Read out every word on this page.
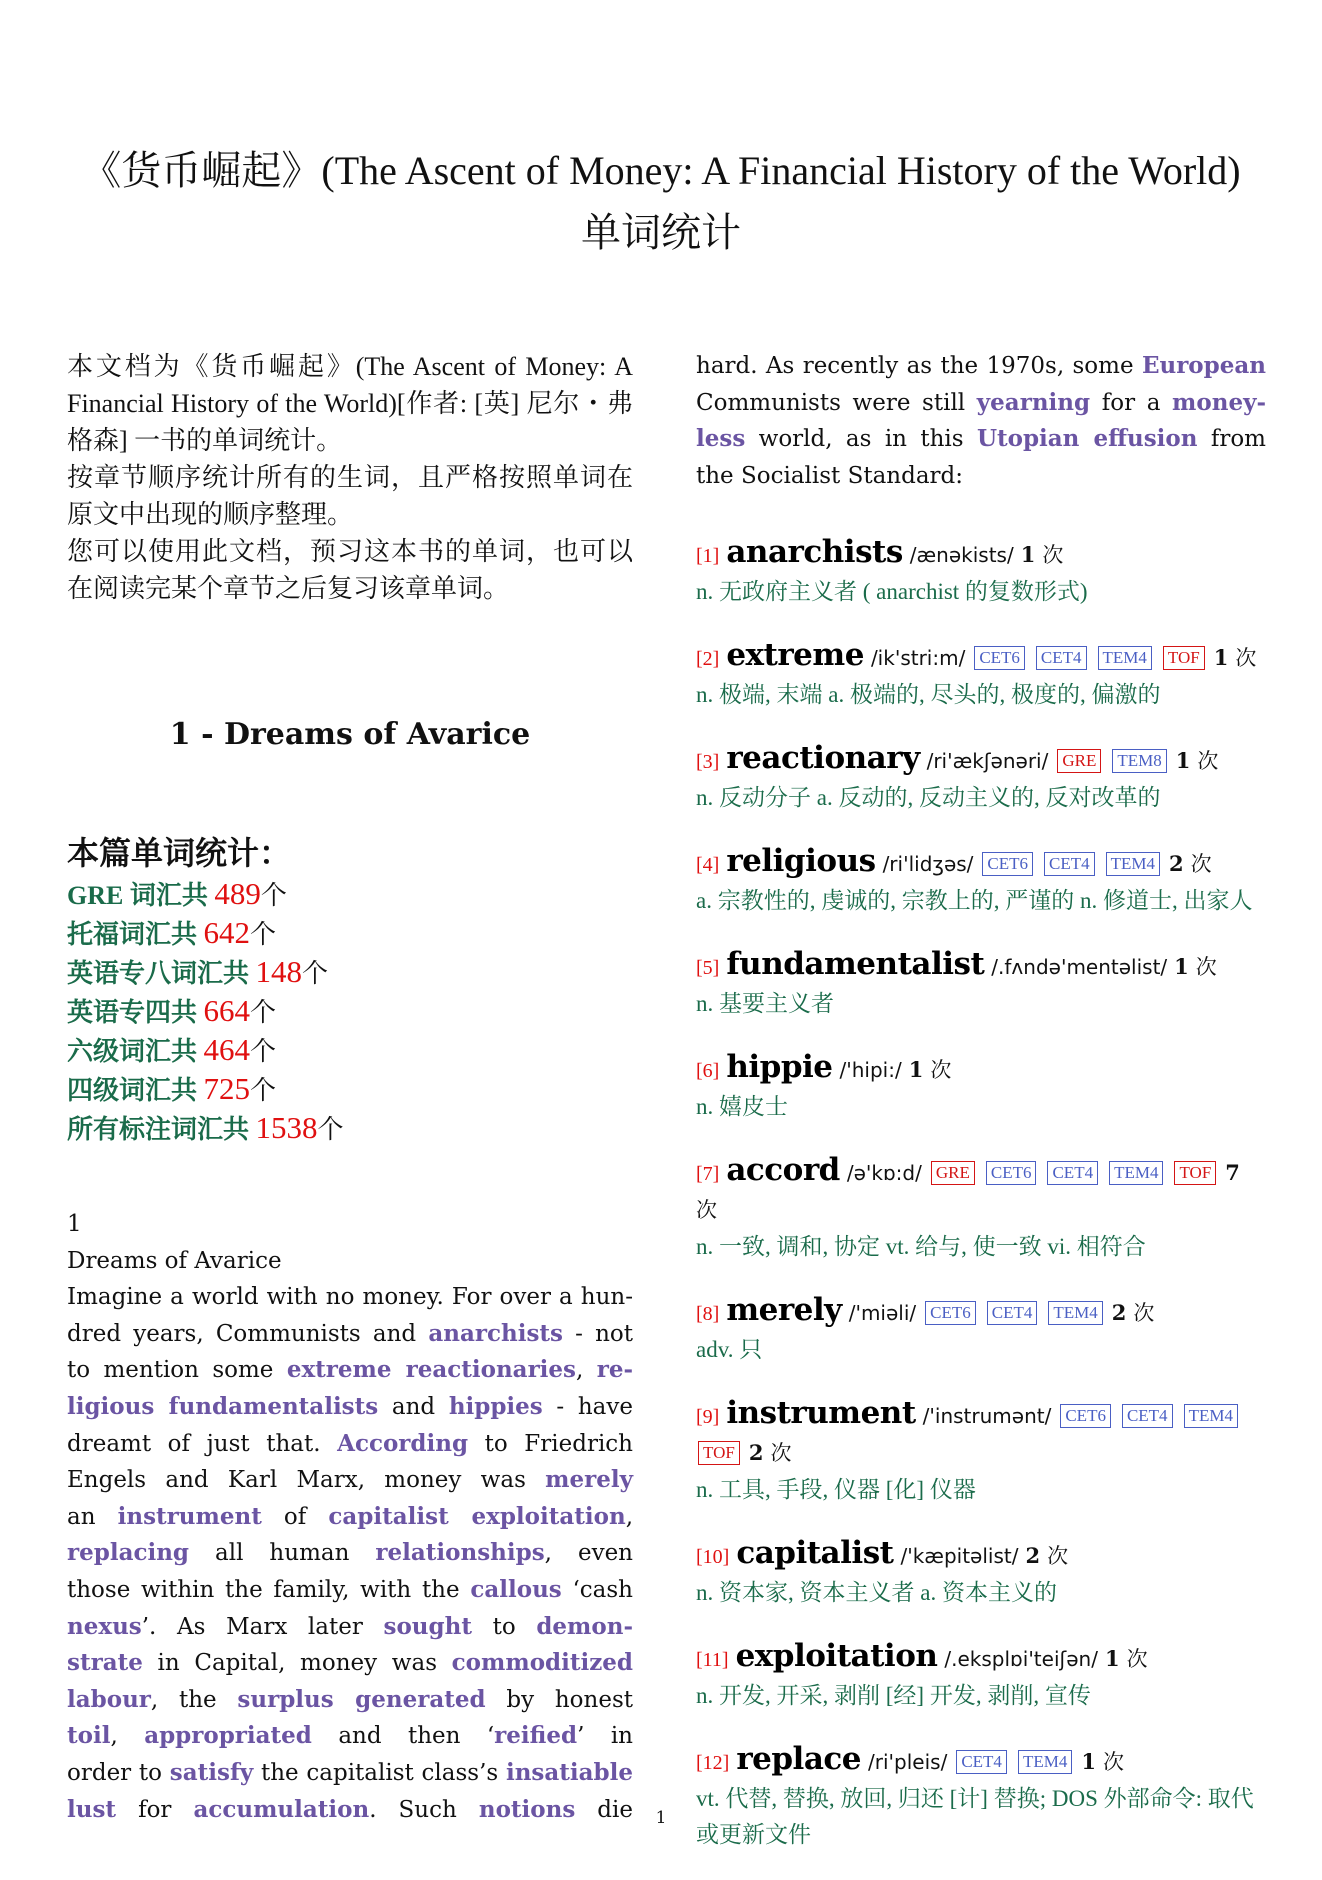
《货币崛起》(The Ascent of Money: A Financial History of the World) 单词统计

本文档为《货币崛起》(The Ascent of Money: A Financial History of the World)[作者: [英] 尼尔・弗格森] 一书的单词统计。

按章节顺序统计所有的生词，且严格按照单词在原文中出现的顺序整理。

您可以使用此文档，预习这本书的单词，也可以在阅读完某个章节之后复习该章单词。

1 - Dreams of Avarice
本篇单词统计：
GRE 词汇共 489个
托福词汇共 642个
英语专八词汇共 148个
英语专四共 664个
六级词汇共 464个
四级词汇共 725个
所有标注词汇共 1538个
1
Dreams of Avarice
Imagine a world with no money. For over a hun-
dred years, Communists and anarchists - not
to mention some extreme reactionaries, re-
ligious fundamentalists and hippies - have
dreamt of just that. According to Friedrich
Engels and Karl Marx, money was merely
an instrument of capitalist exploitation,
replacing all human relationships, even
those within the family, with the callous ‘cash
nexus’. As Marx later sought to demon-
strate in Capital, money was commoditized
labour, the surplus generated by honest
toil, appropriated and then ‘reified’ in
order to satisfy the capitalist class’s insatiable
lust for accumulation. Such notions die
hard. As recently as the 1970s, some European
Communists were still yearning for a money-
less world, as in this Utopian effusion from
the Socialist Standard:
[1] anarchists /ænəkists/ 1 次
n. 无政府主义者 ( anarchist 的复数形式)
[2] extreme /ik'stri:m/ CET6 CET4 TEM4 TOF 1 次
n. 极端, 末端 a. 极端的, 尽头的, 极度的, 偏激的
[3] reactionary /ri'ækʃənəri/ GRE TEM8 1 次
n. 反动分子 a. 反动的, 反动主义的, 反对改革的
[4] religious /ri'lidʒəs/ CET6 CET4 TEM4 2 次
a. 宗教性的, 虔诚的, 宗教上的, 严谨的 n. 修道士, 出家人
[5] fundamentalist /.fʌndə'mentəlist/ 1 次
n. 基要主义者
[6] hippie /'hipi:/ 1 次
n. 嬉皮士
[7] accord /ə'kɒ:d/ GRE CET6 CET4 TEM4 TOF 7 次
n. 一致, 调和, 协定 vt. 给与, 使一致 vi. 相符合
[8] merely /'miəli/ CET6 CET4 TEM4 2 次
adv. 只
[9] instrument /'instrumənt/ CET6 CET4 TEM4 TOF 2 次
n. 工具, 手段, 仪器 [化] 仪器
[10] capitalist /'kæpitəlist/ 2 次
n. 资本家, 资本主义者 a. 资本主义的
[11] exploitation /.eksplɒi'teiʃən/ 1 次
n. 开发, 开采, 剥削 [经] 开发, 剥削, 宣传
[12] replace /ri'pleis/ CET4 TEM4 1 次
vt. 代替, 替换, 放回, 归还 [计] 替换; DOS 外部命令: 取代或更新文件
1
